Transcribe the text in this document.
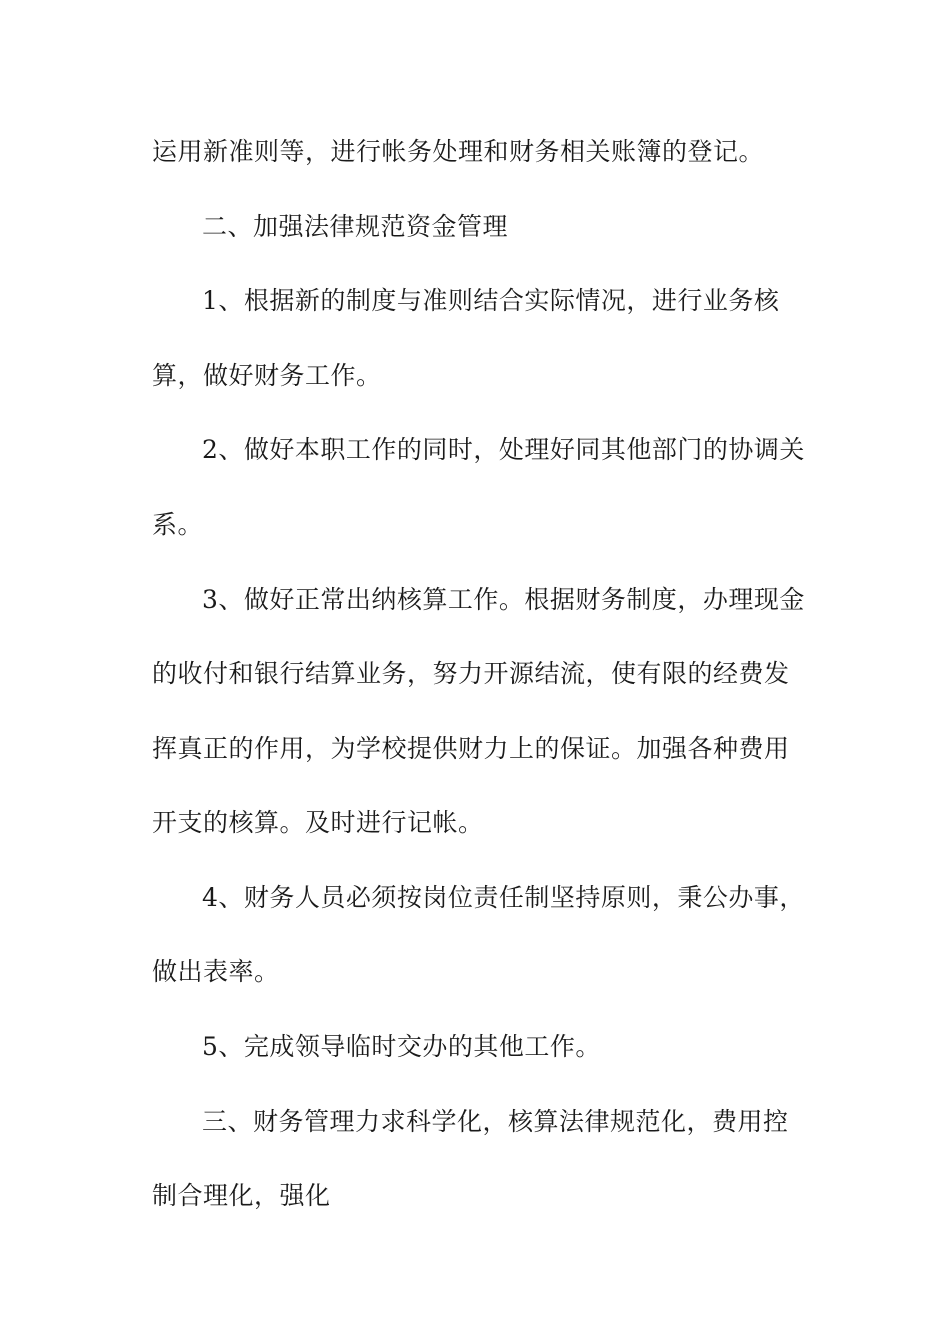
运用新准则等，进行帐务处理和财务相关账簿的登记。
二、加强法律规范资金管理
1、根据新的制度与准则结合实际情况，进行业务核
算，做好财务工作。
2、做好本职工作的同时，处理好同其他部门的协调关
系。
3、做好正常出纳核算工作。根据财务制度，办理现金
的收付和银行结算业务，努力开源结流，使有限的经费发
挥真正的作用，为学校提供财力上的保证。加强各种费用
开支的核算。及时进行记帐。
4、财务人员必须按岗位责任制坚持原则，秉公办事，
做出表率。
5、完成领导临时交办的其他工作。
三、财务管理力求科学化，核算法律规范化，费用控
制合理化，强化
